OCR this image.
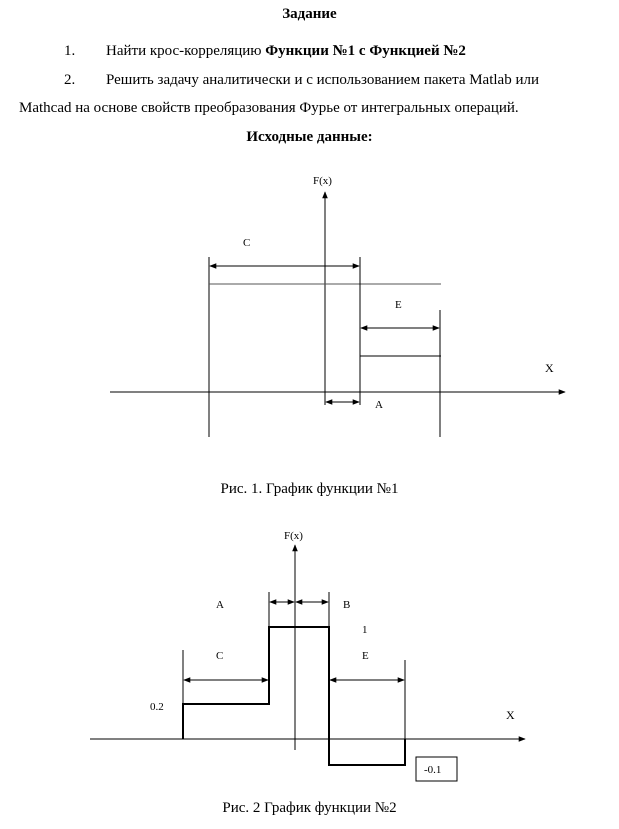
Задание
1. Найти крос-корреляцию Функции №1 с Функцией №2
2. Решить задачу аналитически и с использованием пакета Matlab или
Mathcad на основе свойств преобразования Фурье от интегральных операций.
Исходные данные:
F(x)
X
C
E
A
Рис. 1. График функции №1
F(x)
X
A	B
C	E
1
0.2
-0.1
Рис. 2 График функции №2
